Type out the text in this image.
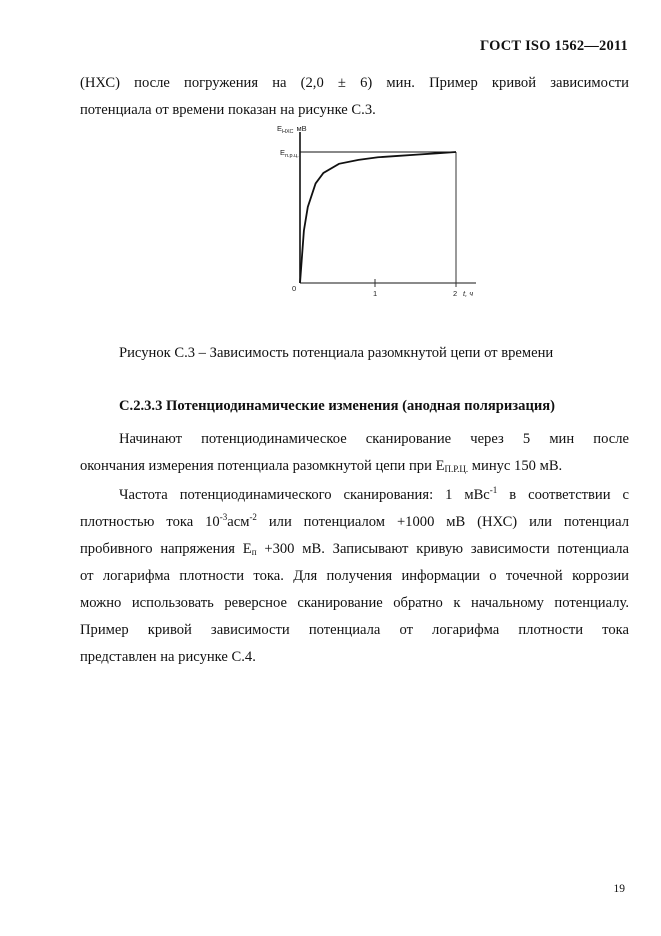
ГОСТ ISO 1562—2011
(НХС) после погружения на (2,0 ± 6) мин. Пример кривой зависимости
потенциала от времени показан на рисунке С.3.
$E_{НХС}$ мВ
$E_{п.р.ц.}$
0
1	2 t, ч
Рисунок С.3 – Зависимость потенциала разомкнутой цепи от времени
С.2.3.3 Потенциодинамические изменения (анодная поляризация)
Начинают потенциодинамическое сканирование через 5 мин после
окончания измерения потенциала разомкнутой цепи при $Е_{П.Р.Ц.}$ минус 150 мВ.
Частота потенциодинамического сканирования: 1 мВс$^{-1}$ в соответствии с
плотностью тока $10^{-3}асм^{-2}$ или потенциалом +1000 мВ (НХС) или потенциал
пробивного напряжения $Е_п +300$ мВ. Записывают кривую зависимости потенциала
от логарифма плотности тока. Для получения информации о точечной коррозии
можно использовать реверсное сканирование обратно к начальному потенциалу.
Пример кривой зависимости потенциала от логарифма плотности тока
представлен на рисунке С.4.
19
